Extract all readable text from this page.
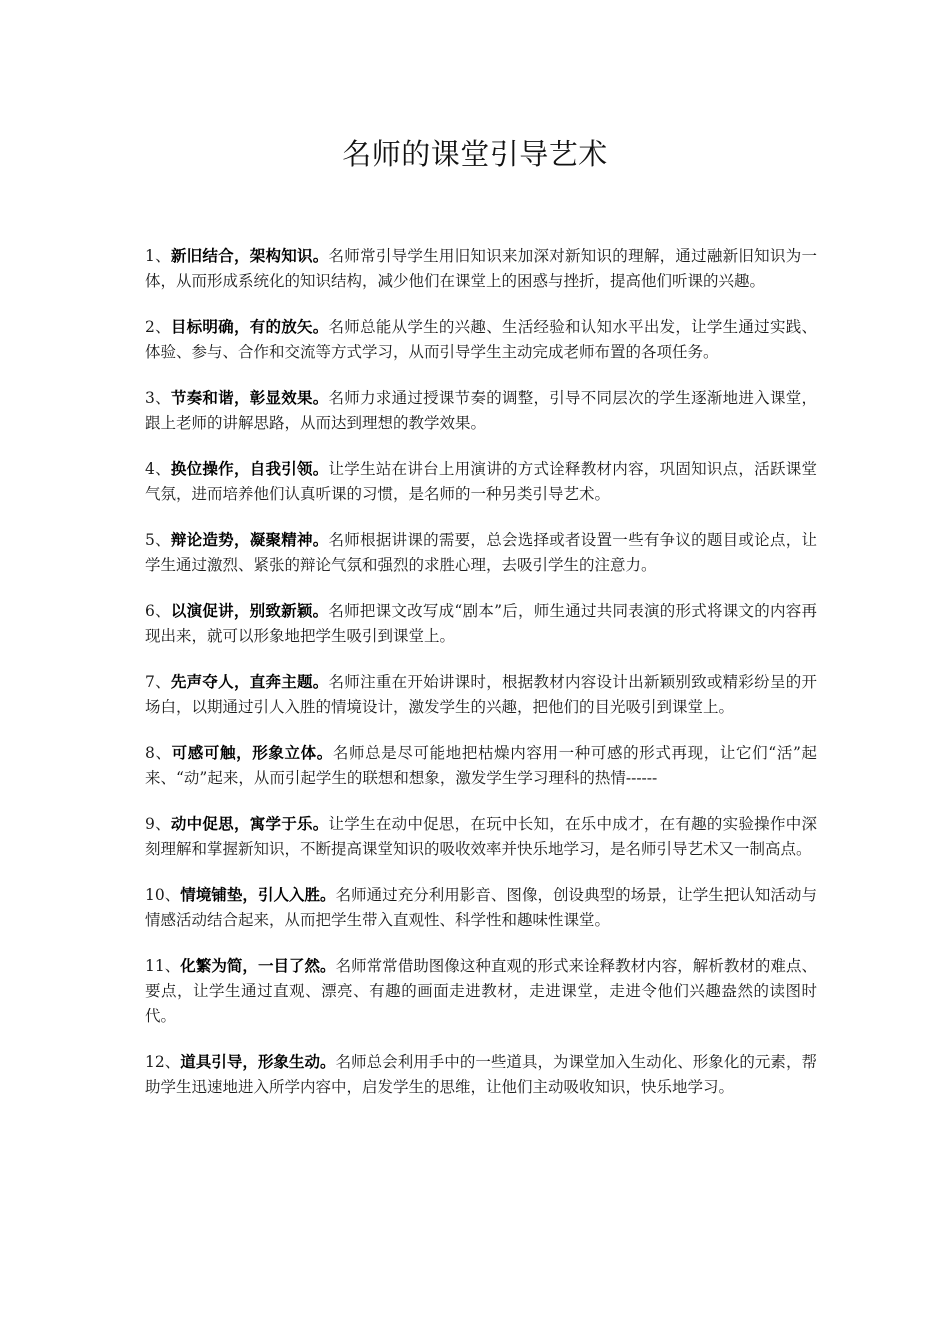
名师的课堂引导艺术

1、新旧结合，架构知识。名师常引导学生用旧知识来加深对新知识的理解，通过融新旧知识为一体，从而形成系统化的知识结构，减少他们在课堂上的困惑与挫折，提高他们听课的兴趣。

2、目标明确，有的放矢。名师总能从学生的兴趣、生活经验和认知水平出发，让学生通过实践、体验、参与、合作和交流等方式学习，从而引导学生主动完成老师布置的各项任务。

3、节奏和谐，彰显效果。名师力求通过授课节奏的调整，引导不同层次的学生逐渐地进入课堂，跟上老师的讲解思路，从而达到理想的教学效果。

4、换位操作，自我引领。让学生站在讲台上用演讲的方式诠释教材内容，巩固知识点，活跃课堂气氛，进而培养他们认真听课的习惯，是名师的一种另类引导艺术。

5、辩论造势，凝聚精神。名师根据讲课的需要，总会选择或者设置一些有争议的题目或论点，让学生通过激烈、紧张的辩论气氛和强烈的求胜心理，去吸引学生的注意力。

6、以演促讲，别致新颖。名师把课文改写成“剧本”后，师生通过共同表演的形式将课文的内容再现出来，就可以形象地把学生吸引到课堂上。

7、先声夺人，直奔主题。名师注重在开始讲课时，根据教材内容设计出新颖别致或精彩纷呈的开场白，以期通过引人入胜的情境设计，激发学生的兴趣，把他们的目光吸引到课堂上。

8、可感可触，形象立体。名师总是尽可能地把枯燥内容用一种可感的形式再现，让它们“活”起来、“动”起来，从而引起学生的联想和想象，激发学生学习理科的热情------

9、动中促思，寓学于乐。让学生在动中促思，在玩中长知，在乐中成才，在有趣的实验操作中深刻理解和掌握新知识，不断提高课堂知识的吸收效率并快乐地学习，是名师引导艺术又一制高点。

10、情境铺垫，引人入胜。名师通过充分利用影音、图像，创设典型的场景，让学生把认知活动与情感活动结合起来，从而把学生带入直观性、科学性和趣味性课堂。

11、化繁为简，一目了然。名师常常借助图像这种直观的形式来诠释教材内容，解析教材的难点、要点，让学生通过直观、漂亮、有趣的画面走进教材，走进课堂，走进令他们兴趣盎然的读图时代。

12、道具引导，形象生动。名师总会利用手中的一些道具，为课堂加入生动化、形象化的元素，帮助学生迅速地进入所学内容中，启发学生的思维，让他们主动吸收知识，快乐地学习。
